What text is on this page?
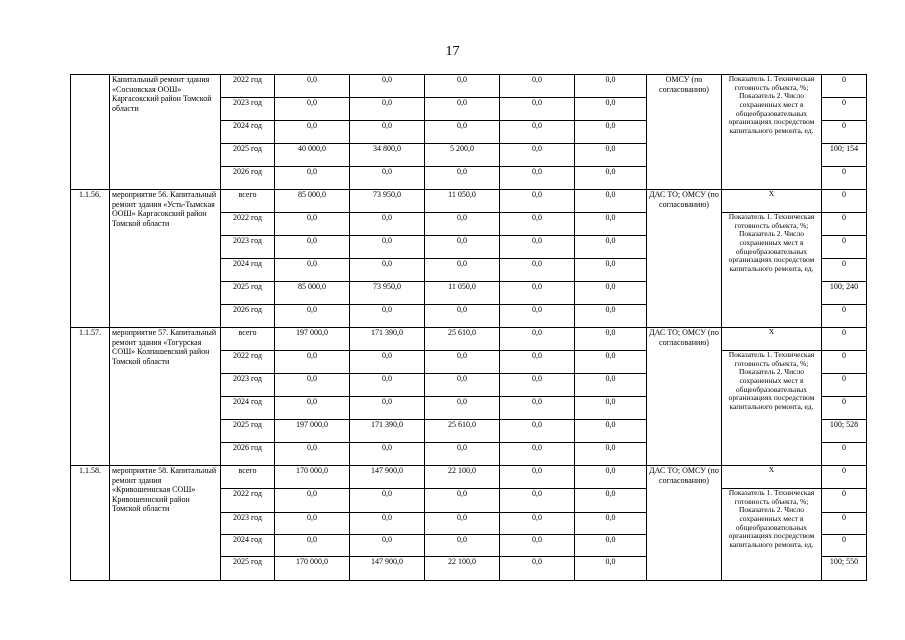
17
	Капитальный ремонт здания «Сосновская ООШ» Каргасокский район Томской области	2022 год	0,0	0,0	0,0	0,0	0,0	ОМСУ (по согласованию)	Показатель 1. Техническая готовность объекта, %;
Показатель 2. Число сохраненных мест в общеобразовательных организациях посредством капитального ремонта, ед.	0
		2023 год	0,0	0,0	0,0	0,0	0,0			0
		2024 год	0,0	0,0	0,0	0,0	0,0			0
		2025 год	40 000,0	34 800,0	5 200,0	0,0	0,0			100; 154
		2026 год	0,0	0,0	0,0	0,0	0,0			0
1.1.56.	мероприятие 56. Капитальный ремонт здания «Усть-Тымская ООШ» Каргасокский район Томской области	всего	85 000,0	73 950,0	11 050,0	0,0	0,0	ДАС ТО; ОМСУ (по согласованию)	X	0
		2022 год	0,0	0,0	0,0	0,0	0,0		Показатель 1. Техническая готовность объекта, %;
Показатель 2. Число сохраненных мест в общеобразовательных организациях посредством капитального ремонта, ед.	0
		2023 год	0,0	0,0	0,0	0,0	0,0			0
		2024 год	0,0	0,0	0,0	0,0	0,0			0
		2025 год	85 000,0	73 950,0	11 050,0	0,0	0,0			100; 240
		2026 год	0,0	0,0	0,0	0,0	0,0			0
1.1.57.	мероприятие 57. Капитальный ремонт здания «Тогурская СОШ» Колпашевский район Томской области	всего	197 000,0	171 390,0	25 610,0	0,0	0,0	ДАС ТО; ОМСУ (по согласованию)	X	0
		2022 год	0,0	0,0	0,0	0,0	0,0		Показатель 1. Техническая готовность объекта, %;
Показатель 2. Число сохраненных мест в общеобразовательных организациях посредством капитального ремонта, ед.	0
		2023 год	0,0	0,0	0,0	0,0	0,0			0
		2024 год	0,0	0,0	0,0	0,0	0,0			0
		2025 год	197 000,0	171 390,0	25 610,0	0,0	0,0			100; 528
		2026 год	0,0	0,0	0,0	0,0	0,0			0
1.1.58.	мероприятие 58. Капитальный ремонт здания «Кривошеинская СОШ» Кривошеинский район Томской области	всего	170 000,0	147 900,0	22 100,0	0,0	0,0	ДАС ТО; ОМСУ (по согласованию)	X	0
		2022 год	0,0	0,0	0,0	0,0	0,0		Показатель 1. Техническая готовность объекта, %;
Показатель 2. Число сохраненных мест в общеобразовательных организациях посредством капитального ремонта, ед.	0
		2023 год	0,0	0,0	0,0	0,0	0,0			0
		2024 год	0,0	0,0	0,0	0,0	0,0			0
		2025 год	170 000,0	147 900,0	22 100,0	0,0	0,0			100; 550
